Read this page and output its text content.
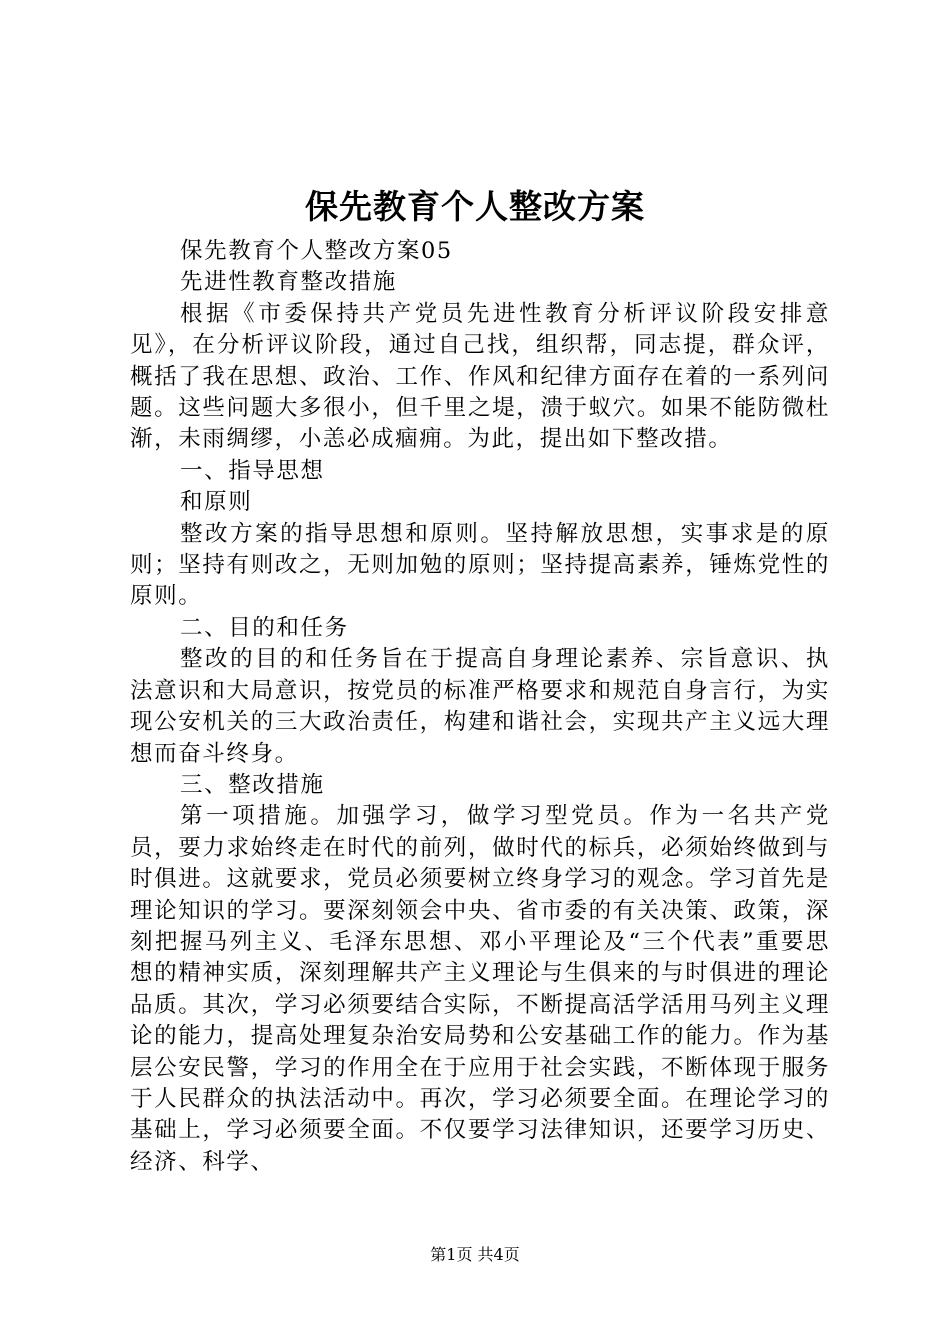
保先教育个人整改方案

保先教育个人整改方案05

先进性教育整改措施

根据《市委保持共产党员先进性教育分析评议阶段安排意见》，在分析评议阶段，通过自己找，组织帮，同志提，群众评，概括了我在思想、政治、工作、作风和纪律方面存在着的一系列问题。这些问题大多很小，但千里之堤，溃于蚁穴。如果不能防微杜渐，未雨绸缪，小恙必成痼痈。为此，提出如下整改措。

一、指导思想

和原则

整改方案的指导思想和原则。坚持解放思想，实事求是的原则；坚持有则改之，无则加勉的原则；坚持提高素养，锤炼党性的原则。

二、目的和任务

整改的目的和任务旨在于提高自身理论素养、宗旨意识、执法意识和大局意识，按党员的标准严格要求和规范自身言行，为实现公安机关的三大政治责任，构建和谐社会，实现共产主义远大理想而奋斗终身。

三、整改措施

第一项措施。加强学习，做学习型党员。作为一名共产党员，要力求始终走在时代的前列，做时代的标兵，必须始终做到与时俱进。这就要求，党员必须要树立终身学习的观念。学习首先是理论知识的学习。要深刻领会中央、省市委的有关决策、政策，深刻把握马列主义、毛泽东思想、邓小平理论及“三个代表”重要思想的精神实质，深刻理解共产主义理论与生俱来的与时俱进的理论品质。其次，学习必须要结合实际，不断提高活学活用马列主义理论的能力，提高处理复杂治安局势和公安基础工作的能力。作为基层公安民警，学习的作用全在于应用于社会实践，不断体现于服务于人民群众的执法活动中。再次，学习必须要全面。在理论学习的基础上，学习必须要全面。不仅要学习法律知识，还要学习历史、经济、科学、

第1页 共4页
